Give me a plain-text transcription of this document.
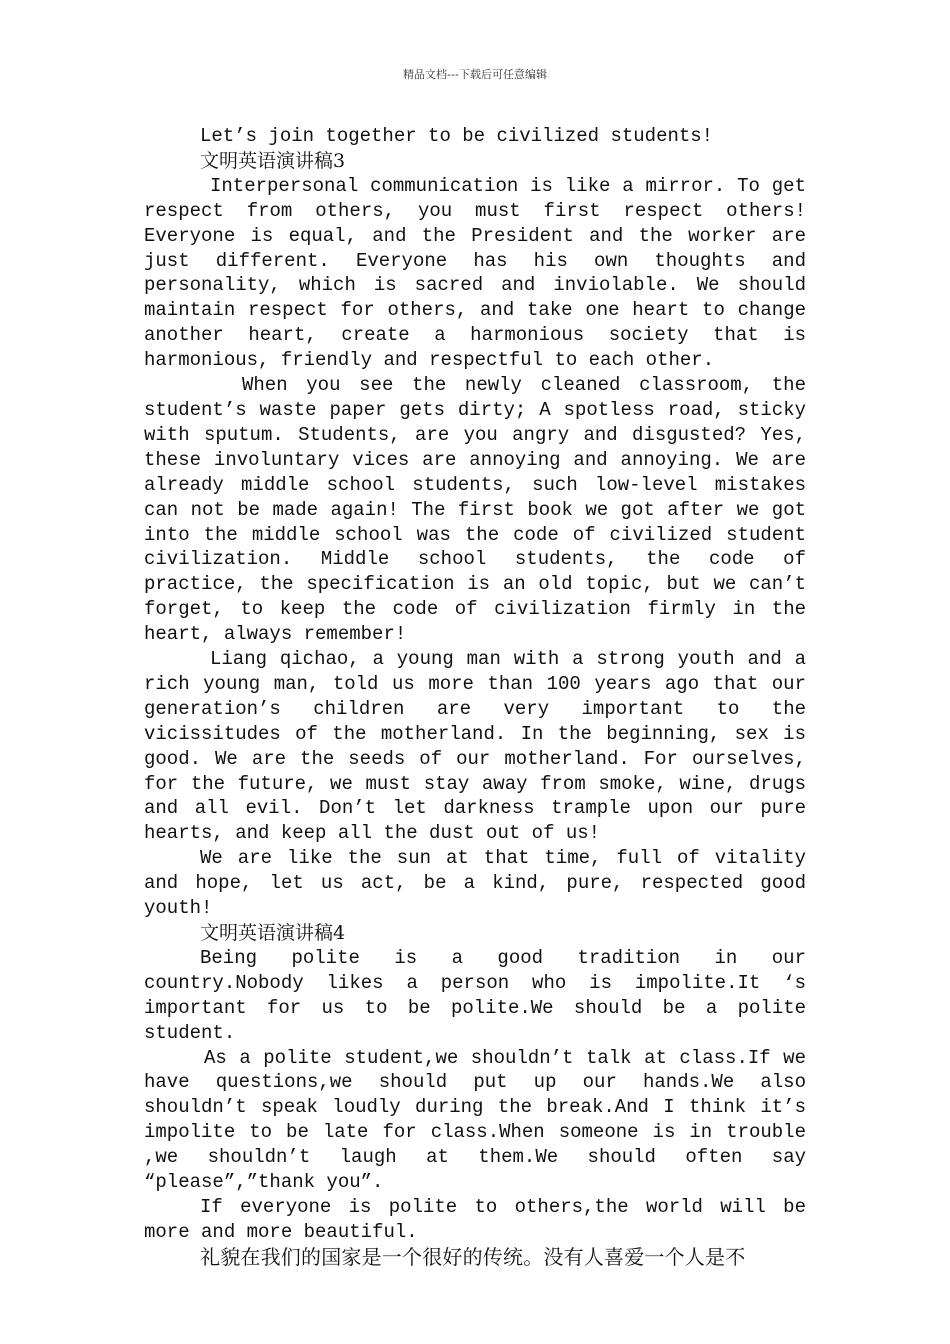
精品文档---下载后可任意编辑

Let’s join together to be civilized students!

文明英语演讲稿3

Interpersonal communication is like a mirror. To get respect from others, you must first respect others! Everyone is equal, and the President and the worker are just different. Everyone has his own thoughts and personality, which is sacred and inviolable. We should maintain respect for others, and take one heart to change another heart, create a harmonious society that is harmonious, friendly and respectful to each other.

When you see the newly cleaned classroom, the student’s waste paper gets dirty; A spotless road, sticky with sputum. Students, are you angry and disgusted? Yes, these involuntary vices are annoying and annoying. We are already middle school students, such low-level mistakes can not be made again! The first book we got after we got into the middle school was the code of civilized student civilization. Middle school students, the code of practice, the specification is an old topic, but we can’t forget, to keep the code of civilization firmly in the heart, always remember!

Liang qichao, a young man with a strong youth and a rich young man, told us more than 100 years ago that our generation’s children are very important to the vicissitudes of the motherland. In the beginning, sex is good. We are the seeds of our motherland. For ourselves, for the future, we must stay away from smoke, wine, drugs and all evil. Don’t let darkness trample upon our pure hearts, and keep all the dust out of us!

We are like the sun at that time, full of vitality and hope, let us act, be a kind, pure, respected good youth!

文明英语演讲稿4

Being polite is a good tradition in our country.Nobody likes a person who is impolite.It ‘s important for us to be polite.We should be a polite student.

As a polite student,we shouldn’t talk at class.If we have questions,we should put up our hands.We also shouldn’t speak loudly during the break.And I think it’s impolite to be late for class.When someone is in trouble ,we shouldn’t laugh at them.We should often say “please”,”thank you”.

If everyone is polite to others,the world will be more and more beautiful.

礼貌在我们的国家是一个很好的传统。没有人喜爱一个人是不
